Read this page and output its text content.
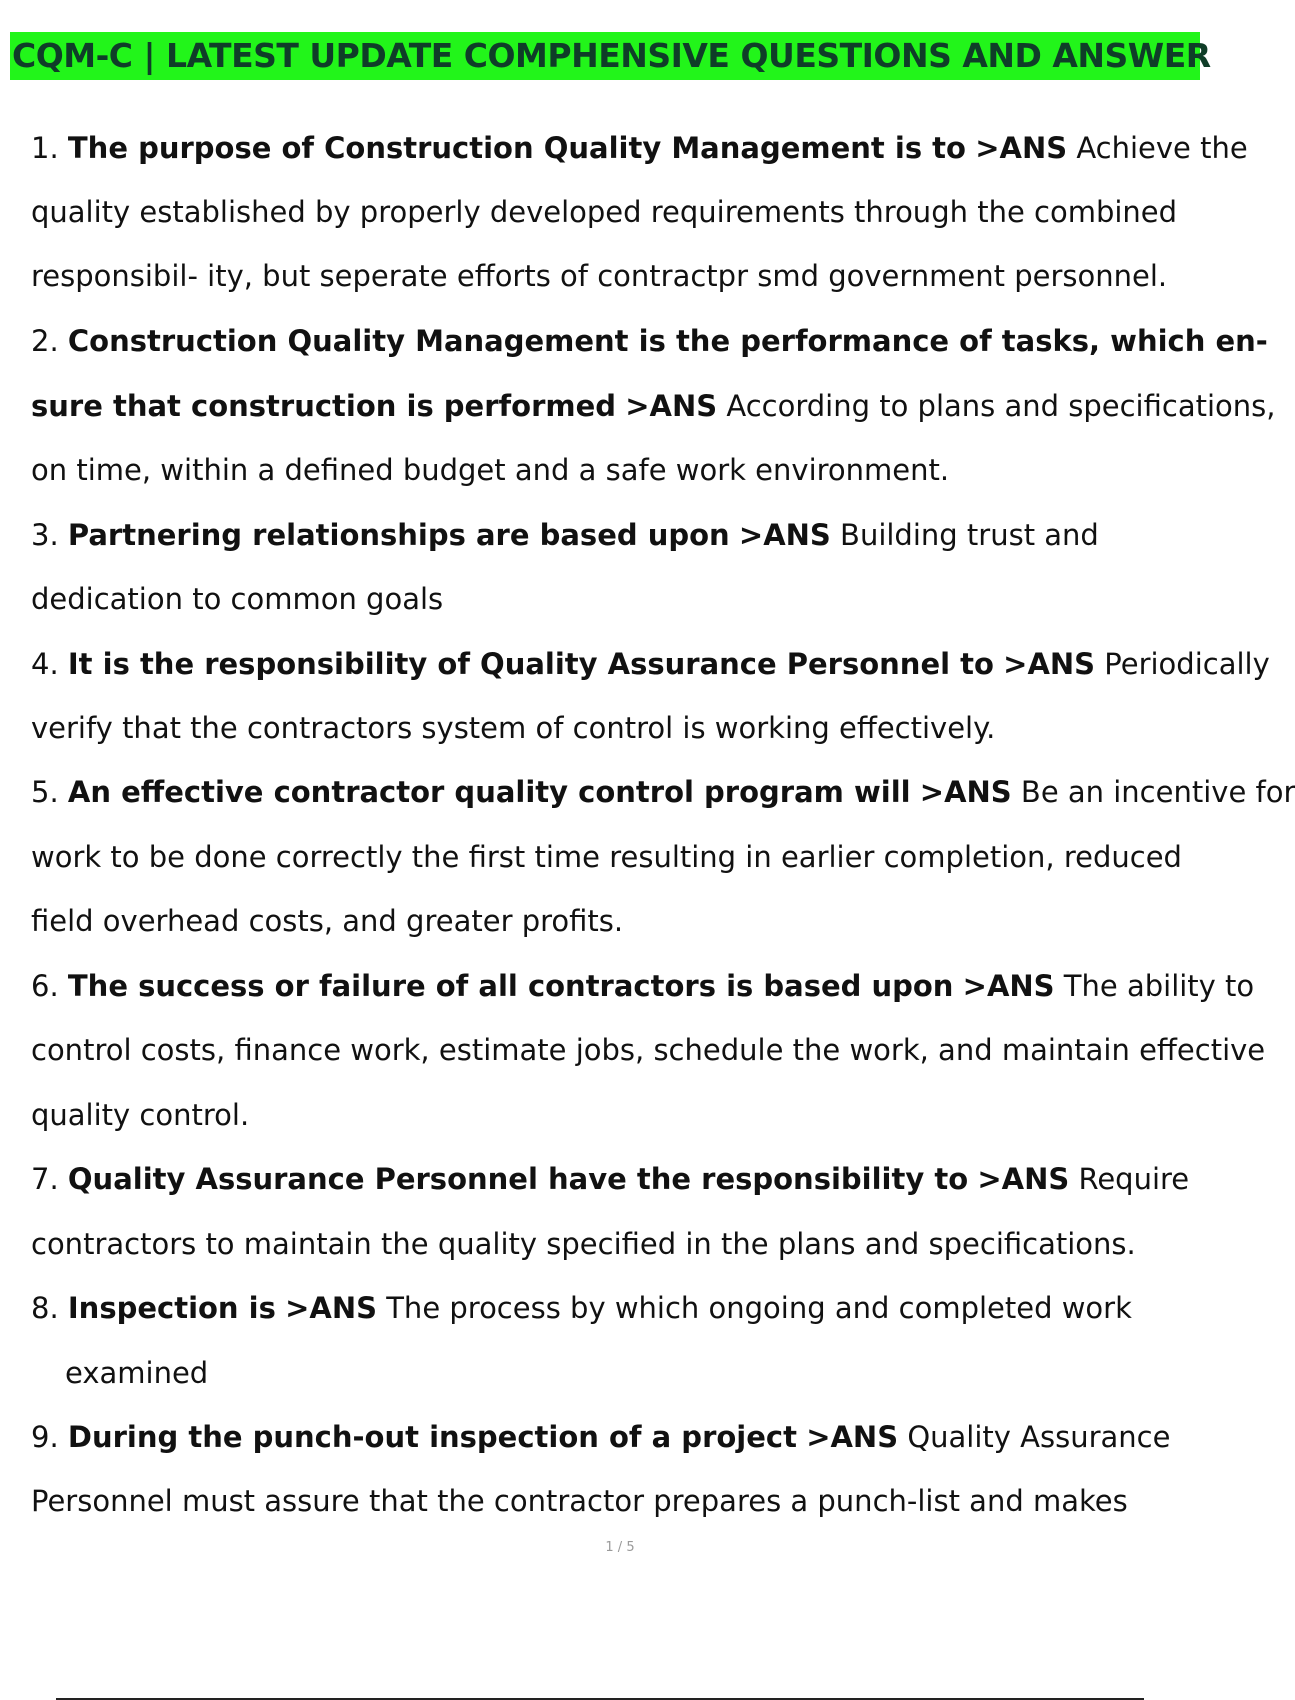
CQM-C | LATEST UPDATE COMPHENSIVE QUESTIONS AND ANSWER
1. The purpose of Construction Quality Management is to >ANS Achieve the
quality established by properly developed requirements through the combined
responsibil- ity, but seperate efforts of contractpr smd government personnel.
2. Construction Quality Management is the performance of tasks, which en-
sure that construction is performed >ANS According to plans and specifications,
on time, within a defined budget and a safe work environment.
3. Partnering relationships are based upon >ANS Building trust and
dedication to common goals
4. It is the responsibility of Quality Assurance Personnel to >ANS Periodically
verify that the contractors system of control is working effectively.
5. An effective contractor quality control program will >ANS Be an incentive for
work to be done correctly the first time resulting in earlier completion, reduced
field overhead costs, and greater profits.
6. The success or failure of all contractors is based upon >ANS The ability to
control costs, finance work, estimate jobs, schedule the work, and maintain effective
quality control.
7. Quality Assurance Personnel have the responsibility to >ANS Require
contractors to maintain the quality specified in the plans and specifications.
8. Inspection is >ANS The process by which ongoing and completed work
examined
9. During the punch-out inspection of a project >ANS Quality Assurance
Personnel must assure that the contractor prepares a punch-list and makes
1 / 5
